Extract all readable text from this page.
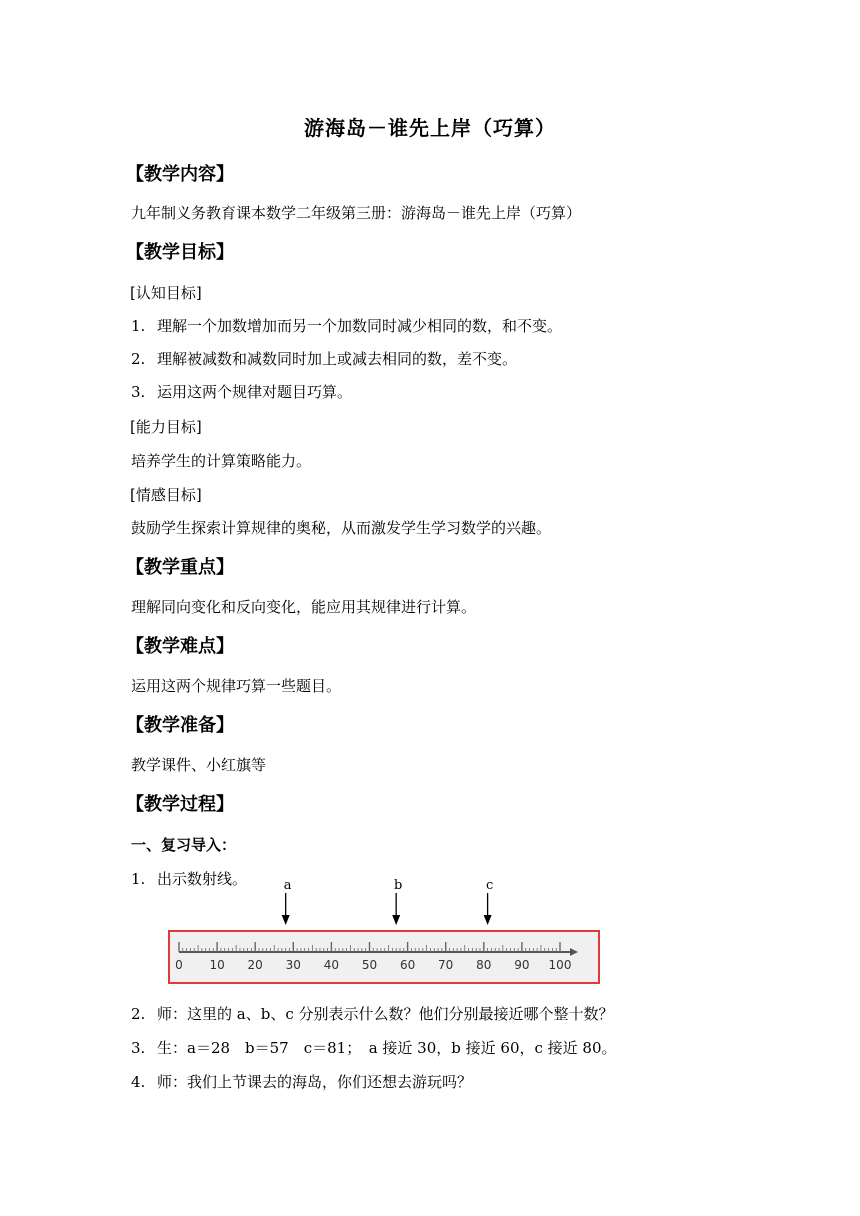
游海岛－谁先上岸（巧算）
【教学内容】
九年制义务教育课本数学二年级第三册：游海岛－谁先上岸（巧算）
【教学目标】
[认知目标]
1. 理解一个加数增加而另一个加数同时减少相同的数，和不变。
2. 理解被减数和减数同时加上或减去相同的数，差不变。
3. 运用这两个规律对题目巧算。
[能力目标]
培养学生的计算策略能力。
[情感目标]
鼓励学生探索计算规律的奥秘，从而激发学生学习数学的兴趣。
【教学重点】
理解同向变化和反向变化，能应用其规律进行计算。
【教学难点】
运用这两个规律巧算一些题目。
【教学准备】
教学课件、小红旗等
【教学过程】
一、复习导入：
1. 出示数射线。
0 10 20 30 40 50 60 70 80 90 100
a	b	c
2. 师：这里的 a、b、c 分别表示什么数？他们分别最接近哪个整十数？
3. 生：a＝28　b＝57　c＝81；　a 接近 30，b 接近 60，c 接近 80。
4. 师：我们上节课去的海岛，你们还想去游玩吗？
